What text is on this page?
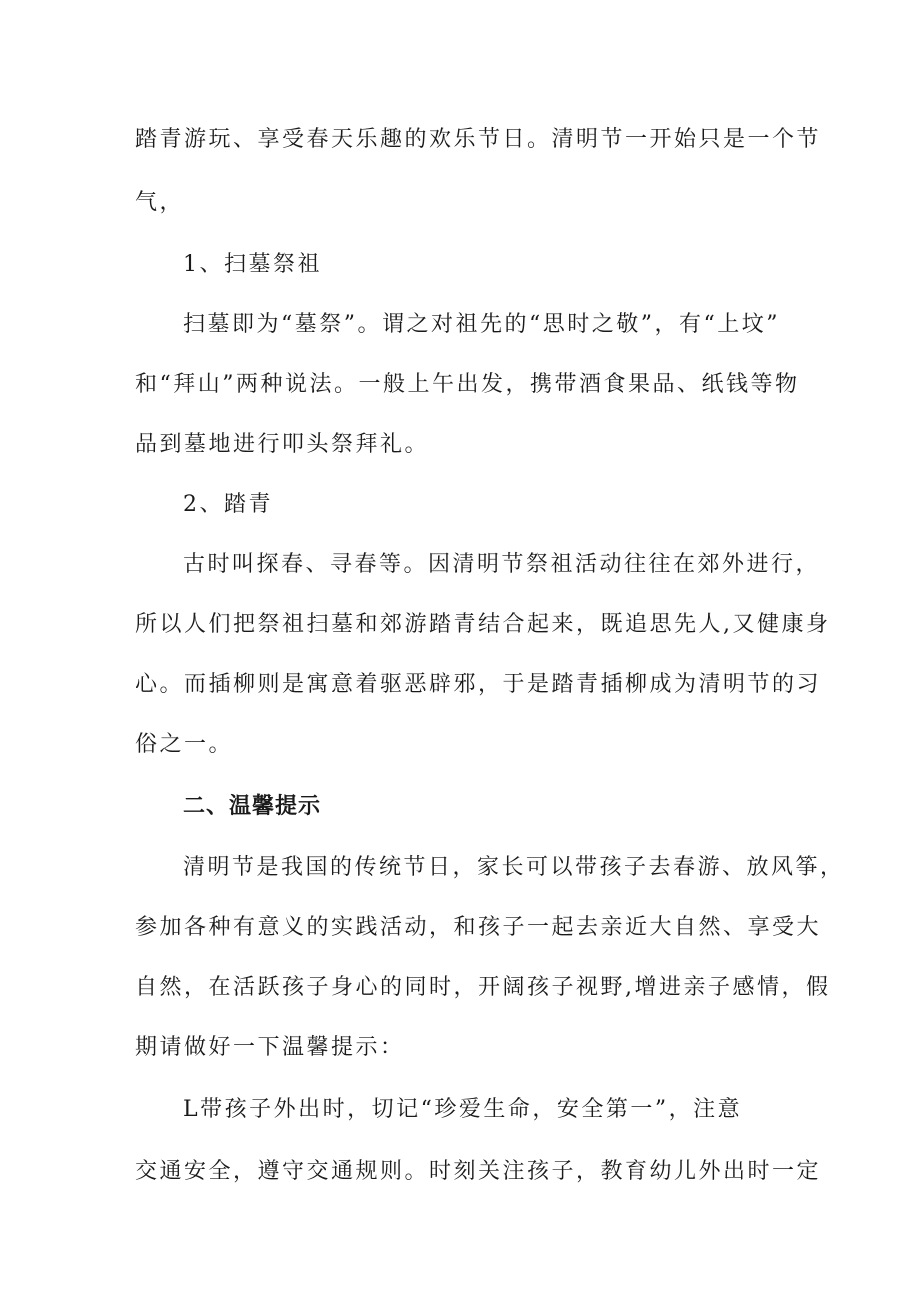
踏青游玩、享受春天乐趣的欢乐节日。清明节一开始只是一个节
气，
1、扫墓祭祖
扫墓即为“墓祭”。谓之对祖先的“思时之敬”，有“上坟”
和“拜山”两种说法。一般上午出发，携带酒食果品、纸钱等物
品到墓地进行叩头祭拜礼。
2、踏青
古时叫探春、寻春等。因清明节祭祖活动往往在郊外进行，
所以人们把祭祖扫墓和郊游踏青结合起来，既追思先人,又健康身
心。而插柳则是寓意着驱恶辟邪，于是踏青插柳成为清明节的习
俗之一。
二、温馨提示
清明节是我国的传统节日，家长可以带孩子去春游、放风筝，
参加各种有意义的实践活动，和孩子一起去亲近大自然、享受大
自然，在活跃孩子身心的同时，开阔孩子视野,增进亲子感情，假
期请做好一下温馨提示：
L带孩子外出时，切记“珍爱生命，安全第一”，注意
交通安全，遵守交通规则。时刻关注孩子，教育幼儿外出时一定
